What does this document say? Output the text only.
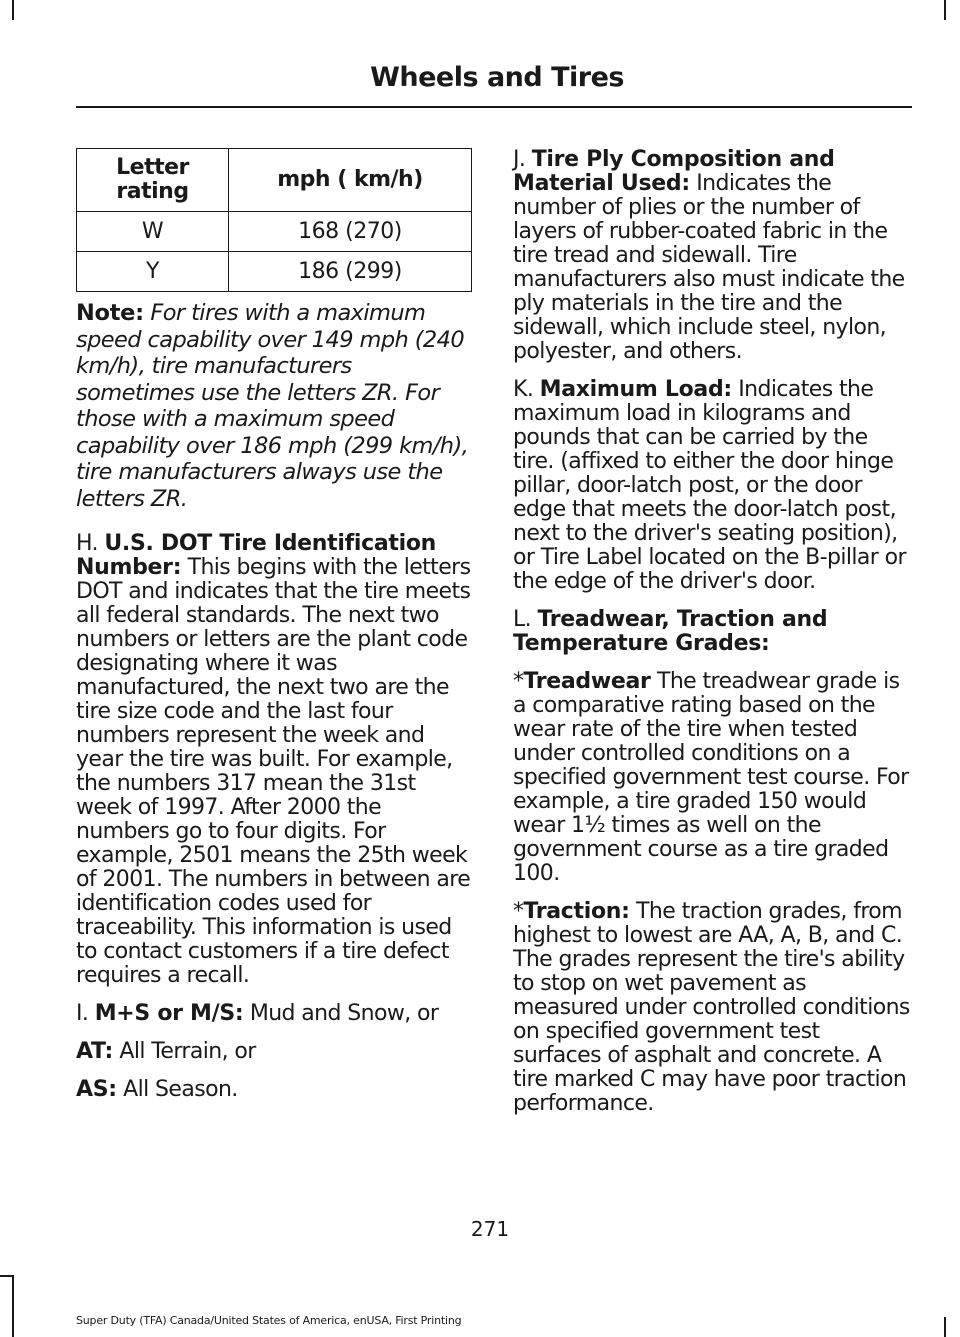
Wheels and Tires
Letter rating	mph ( km/h)
W	168 (270)
Y	186 (299)

Note: For tires with a maximum speed capability over 149 mph (240 km/h), tire manufacturers sometimes use the letters ZR. For those with a maximum speed capability over 186 mph (299 km/h), tire manufacturers always use the letters ZR.

H. U.S. DOT Tire Identification Number: This begins with the letters DOT and indicates that the tire meets all federal standards. The next two numbers or letters are the plant code designating where it was manufactured, the next two are the tire size code and the last four numbers represent the week and year the tire was built. For example, the numbers 317 mean the 31st week of 1997. After 2000 the numbers go to four digits. For example, 2501 means the 25th week of 2001. The numbers in between are identification codes used for traceability. This information is used to contact customers if a tire defect requires a recall.

I. M+S or M/S: Mud and Snow, or

AT: All Terrain, or

AS: All Season.

J. Tire Ply Composition and Material Used: Indicates the number of plies or the number of layers of rubber-coated fabric in the tire tread and sidewall. Tire manufacturers also must indicate the ply materials in the tire and the sidewall, which include steel, nylon, polyester, and others.

K. Maximum Load: Indicates the maximum load in kilograms and pounds that can be carried by the tire. (affixed to either the door hinge pillar, door-latch post, or the door edge that meets the door-latch post, next to the driver's seating position), or Tire Label located on the B-pillar or the edge of the driver's door.

L. Treadwear, Traction and Temperature Grades:

*Treadwear The treadwear grade is a comparative rating based on the wear rate of the tire when tested under controlled conditions on a specified government test course. For example, a tire graded 150 would wear 1½ times as well on the government course as a tire graded 100.

*Traction: The traction grades, from highest to lowest are AA, A, B, and C. The grades represent the tire's ability to stop on wet pavement as measured under controlled conditions on specified government test surfaces of asphalt and concrete. A tire marked C may have poor traction performance.

271
Super Duty (TFA) Canada/United States of America, enUSA, First Printing
